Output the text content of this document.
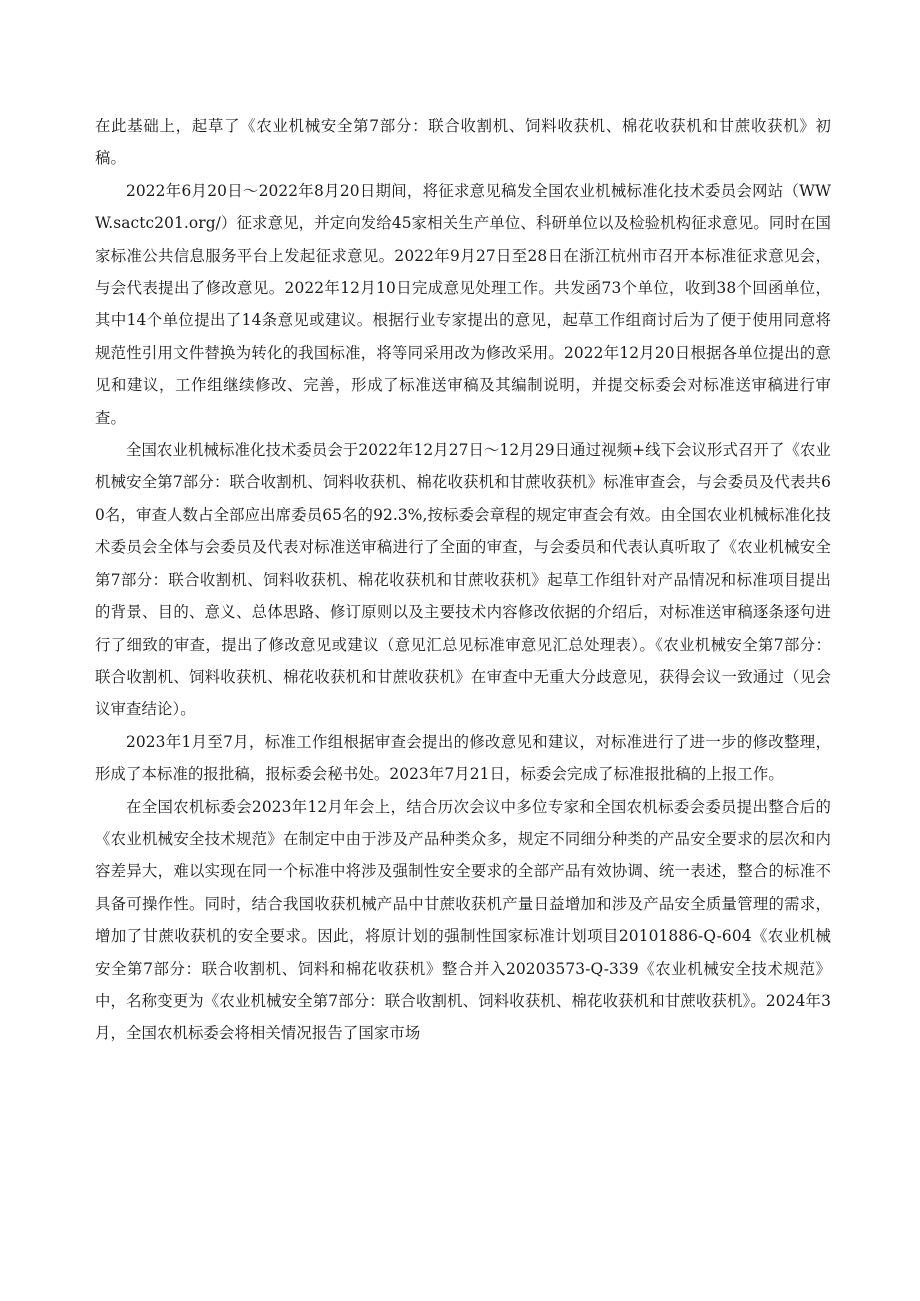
在此基础上，起草了《农业机械安全第7部分：联合收割机、饲料收获机、棉花收获机和甘蔗收获机》初稿。

2022年6月20日～2022年8月20日期间，将征求意见稿发全国农业机械标准化技术委员会网站（WWW.sactc201.org/）征求意见，并定向发给45家相关生产单位、科研单位以及检验机构征求意见。同时在国家标准公共信息服务平台上发起征求意见。2022年9月27日至28日在浙江杭州市召开本标准征求意见会，与会代表提出了修改意见。2022年12月10日完成意见处理工作。共发函73个单位，收到38个回函单位，其中14个单位提出了14条意见或建议。根据行业专家提出的意见，起草工作组商讨后为了便于使用同意将规范性引用文件替换为转化的我国标准，将等同采用改为修改采用。2022年12月20日根据各单位提出的意见和建议，工作组继续修改、完善，形成了标准送审稿及其编制说明，并提交标委会对标准送审稿进行审查。

全国农业机械标准化技术委员会于2022年12月27日～12月29日通过视频+线下会议形式召开了《农业机械安全第7部分：联合收割机、饲料收获机、棉花收获机和甘蔗收获机》标准审查会，与会委员及代表共60名，审查人数占全部应出席委员65名的92.3%,按标委会章程的规定审查会有效。由全国农业机械标准化技术委员会全体与会委员及代表对标准送审稿进行了全面的审查，与会委员和代表认真听取了《农业机械安全第7部分：联合收割机、饲料收获机、棉花收获机和甘蔗收获机》起草工作组针对产品情况和标准项目提出的背景、目的、意义、总体思路、修订原则以及主要技术内容修改依据的介绍后，对标准送审稿逐条逐句进行了细致的审查，提出了修改意见或建议（意见汇总见标准审意见汇总处理表）。《农业机械安全第7部分：联合收割机、饲料收获机、棉花收获机和甘蔗收获机》在审查中无重大分歧意见，获得会议一致通过（见会议审查结论）。

2023年1月至7月，标准工作组根据审查会提出的修改意见和建议，对标准进行了进一步的修改整理，形成了本标准的报批稿，报标委会秘书处。2023年7月21日，标委会完成了标准报批稿的上报工作。

在全国农机标委会2023年12月年会上，结合历次会议中多位专家和全国农机标委会委员提出整合后的《农业机械安全技术规范》在制定中由于涉及产品种类众多，规定不同细分种类的产品安全要求的层次和内容差异大，难以实现在同一个标准中将涉及强制性安全要求的全部产品有效协调、统一表述，整合的标准不具备可操作性。同时，结合我国收获机械产品中甘蔗收获机产量日益增加和涉及产品安全质量管理的需求，增加了甘蔗收获机的安全要求。因此，将原计划的强制性国家标准计划项目20101886-Q-604《农业机械安全第7部分：联合收割机、饲料和棉花收获机》整合并入20203573-Q-339《农业机械安全技术规范》中，名称变更为《农业机械安全第7部分：联合收割机、饲料收获机、棉花收获机和甘蔗收获机》。2024年3月，全国农机标委会将相关情况报告了国家市场
